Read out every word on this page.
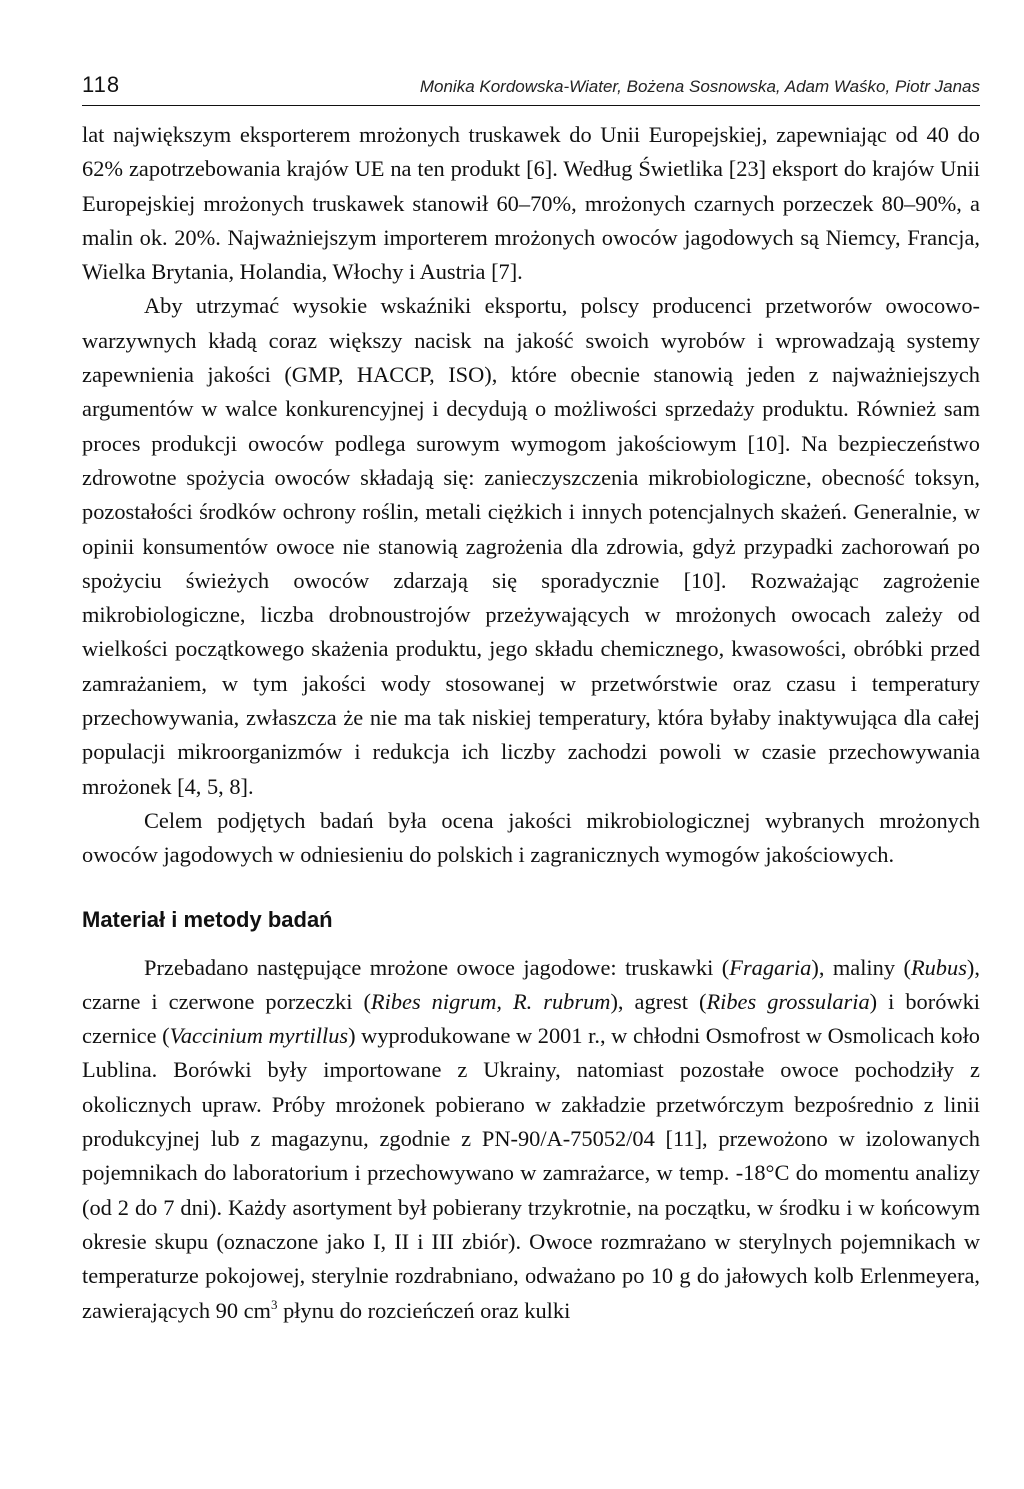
118	Monika Kordowska-Wiater, Bożena Sosnowska, Adam Waśko, Piotr Janas

lat największym eksporterem mrożonych truskawek do Unii Europejskiej, zapewniając od 40 do 62% zapotrzebowania krajów UE na ten produkt [6]. Według Świetlika [23] eksport do krajów Unii Europejskiej mrożonych truskawek stanowił 60–70%, mrożonych czarnych porzeczek 80–90%, a malin ok. 20%. Najważniejszym importerem mrożonych owoców jagodowych są Niemcy, Francja, Wielka Brytania, Holandia, Włochy i Austria [7].

Aby utrzymać wysokie wskaźniki eksportu, polscy producenci przetworów owocowo-warzywnych kładą coraz większy nacisk na jakość swoich wyrobów i wprowadzają systemy zapewnienia jakości (GMP, HACCP, ISO), które obecnie stanowią jeden z najważniejszych argumentów w walce konkurencyjnej i decydują o możliwości sprzedaży produktu. Również sam proces produkcji owoców podlega surowym wymogom jakościowym [10]. Na bezpieczeństwo zdrowotne spożycia owoców składają się: zanieczyszczenia mikrobiologiczne, obecność toksyn, pozostałości środków ochrony roślin, metali ciężkich i innych potencjalnych skażeń. Generalnie, w opinii konsumentów owoce nie stanowią zagrożenia dla zdrowia, gdyż przypadki zachorowań po spożyciu świeżych owoców zdarzają się sporadycznie [10]. Rozważając zagrożenie mikrobiologiczne, liczba drobnoustrojów przeżywających w mrożonych owocach zależy od wielkości początkowego skażenia produktu, jego składu chemicznego, kwasowości, obróbki przed zamrażaniem, w tym jakości wody stosowanej w przetwórstwie oraz czasu i temperatury przechowywania, zwłaszcza że nie ma tak niskiej temperatury, która byłaby inaktywująca dla całej populacji mikroorganizmów i redukcja ich liczby zachodzi powoli w czasie przechowywania mrożonek [4, 5, 8].

Celem podjętych badań była ocena jakości mikrobiologicznej wybranych mrożonych owoców jagodowych w odniesieniu do polskich i zagranicznych wymogów jakościowych.

Materiał i metody badań

Przebadano następujące mrożone owoce jagodowe: truskawki (Fragaria), maliny (Rubus), czarne i czerwone porzeczki (Ribes nigrum, R. rubrum), agrest (Ribes grossularia) i borówki czernice (Vaccinium myrtillus) wyprodukowane w 2001 r., w chłodni Osmofrost w Osmolicach koło Lublina. Borówki były importowane z Ukrainy, natomiast pozostałe owoce pochodziły z okolicznych upraw. Próby mrożonek pobierano w zakładzie przetwórczym bezpośrednio z linii produkcyjnej lub z magazynu, zgodnie z PN-90/A-75052/04 [11], przewożono w izolowanych pojemnikach do laboratorium i przechowywano w zamrażarce, w temp. -18°C do momentu analizy (od 2 do 7 dni). Każdy asortyment był pobierany trzykrotnie, na początku, w środku i w końcowym okresie skupu (oznaczone jako I, II i III zbiór). Owoce rozmrażano w sterylnych pojemnikach w temperaturze pokojowej, sterylnie rozdrabniano, odważano po 10 g do jałowych kolb Erlenmeyera, zawierających 90 $cm^3$ płynu do rozcieńczeń oraz kulki
